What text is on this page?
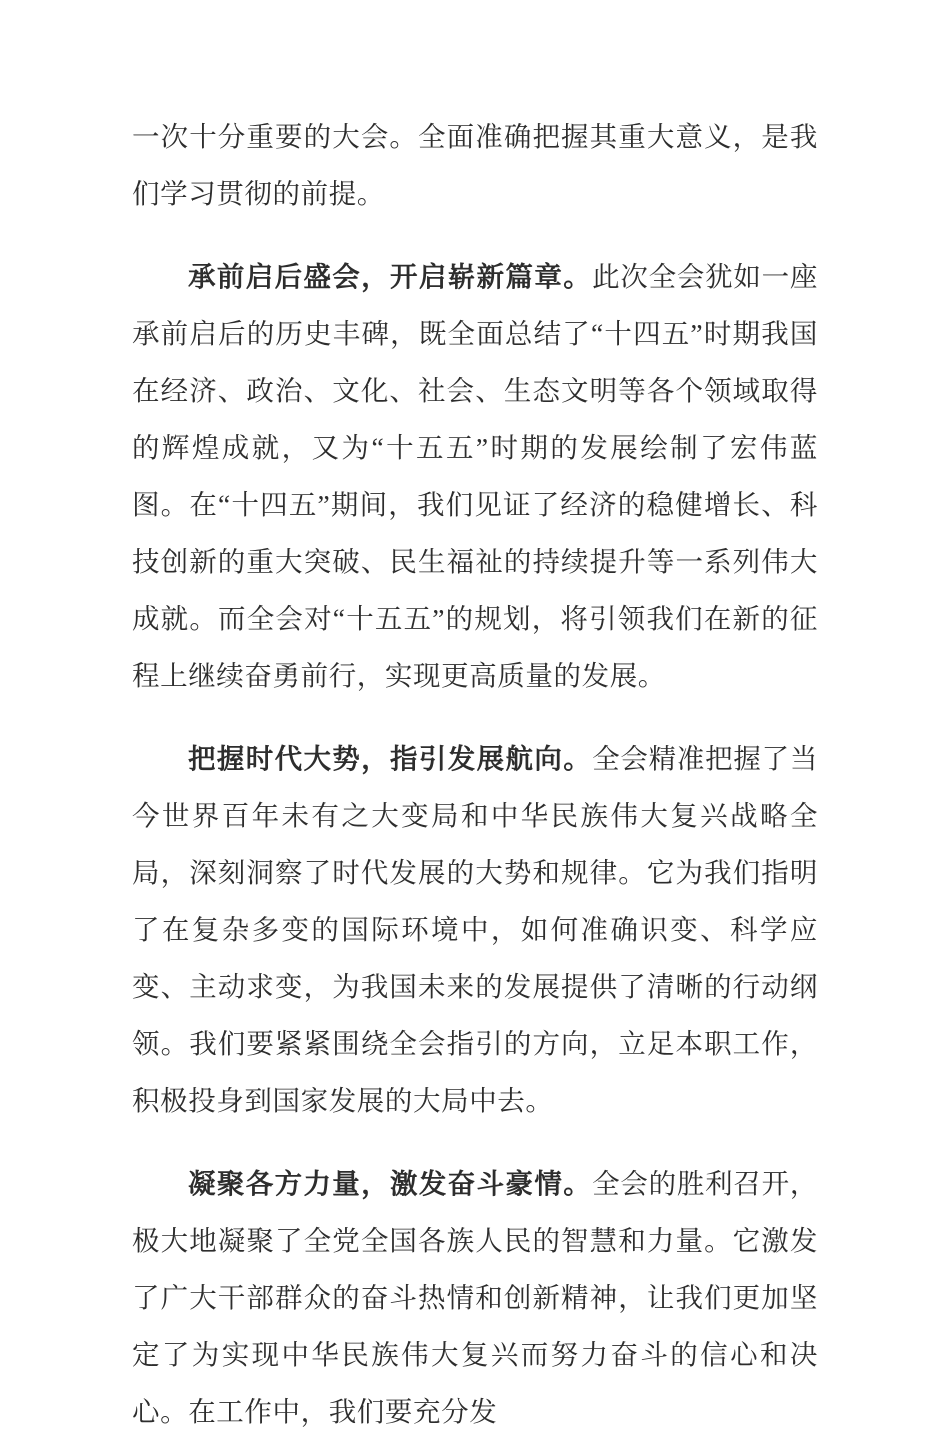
一次十分重要的大会。全面准确把握其重大意义，是我们学习贯彻的前提。

承前启后盛会，开启崭新篇章。此次全会犹如一座承前启后的历史丰碑，既全面总结了“十四五”时期我国在经济、政治、文化、社会、生态文明等各个领域取得的辉煌成就，又为“十五五”时期的发展绘制了宏伟蓝图。在“十四五”期间，我们见证了经济的稳健增长、科技创新的重大突破、民生福祉的持续提升等一系列伟大成就。而全会对“十五五”的规划，将引领我们在新的征程上继续奋勇前行，实现更高质量的发展。

把握时代大势，指引发展航向。全会精准把握了当今世界百年未有之大变局和中华民族伟大复兴战略全局，深刻洞察了时代发展的大势和规律。它为我们指明了在复杂多变的国际环境中，如何准确识变、科学应变、主动求变，为我国未来的发展提供了清晰的行动纲领。我们要紧紧围绕全会指引的方向，立足本职工作，积极投身到国家发展的大局中去。

凝聚各方力量，激发奋斗豪情。全会的胜利召开，极大地凝聚了全党全国各族人民的智慧和力量。它激发了广大干部群众的奋斗热情和创新精神，让我们更加坚定了为实现中华民族伟大复兴而努力奋斗的信心和决心。在工作中，我们要充分发
